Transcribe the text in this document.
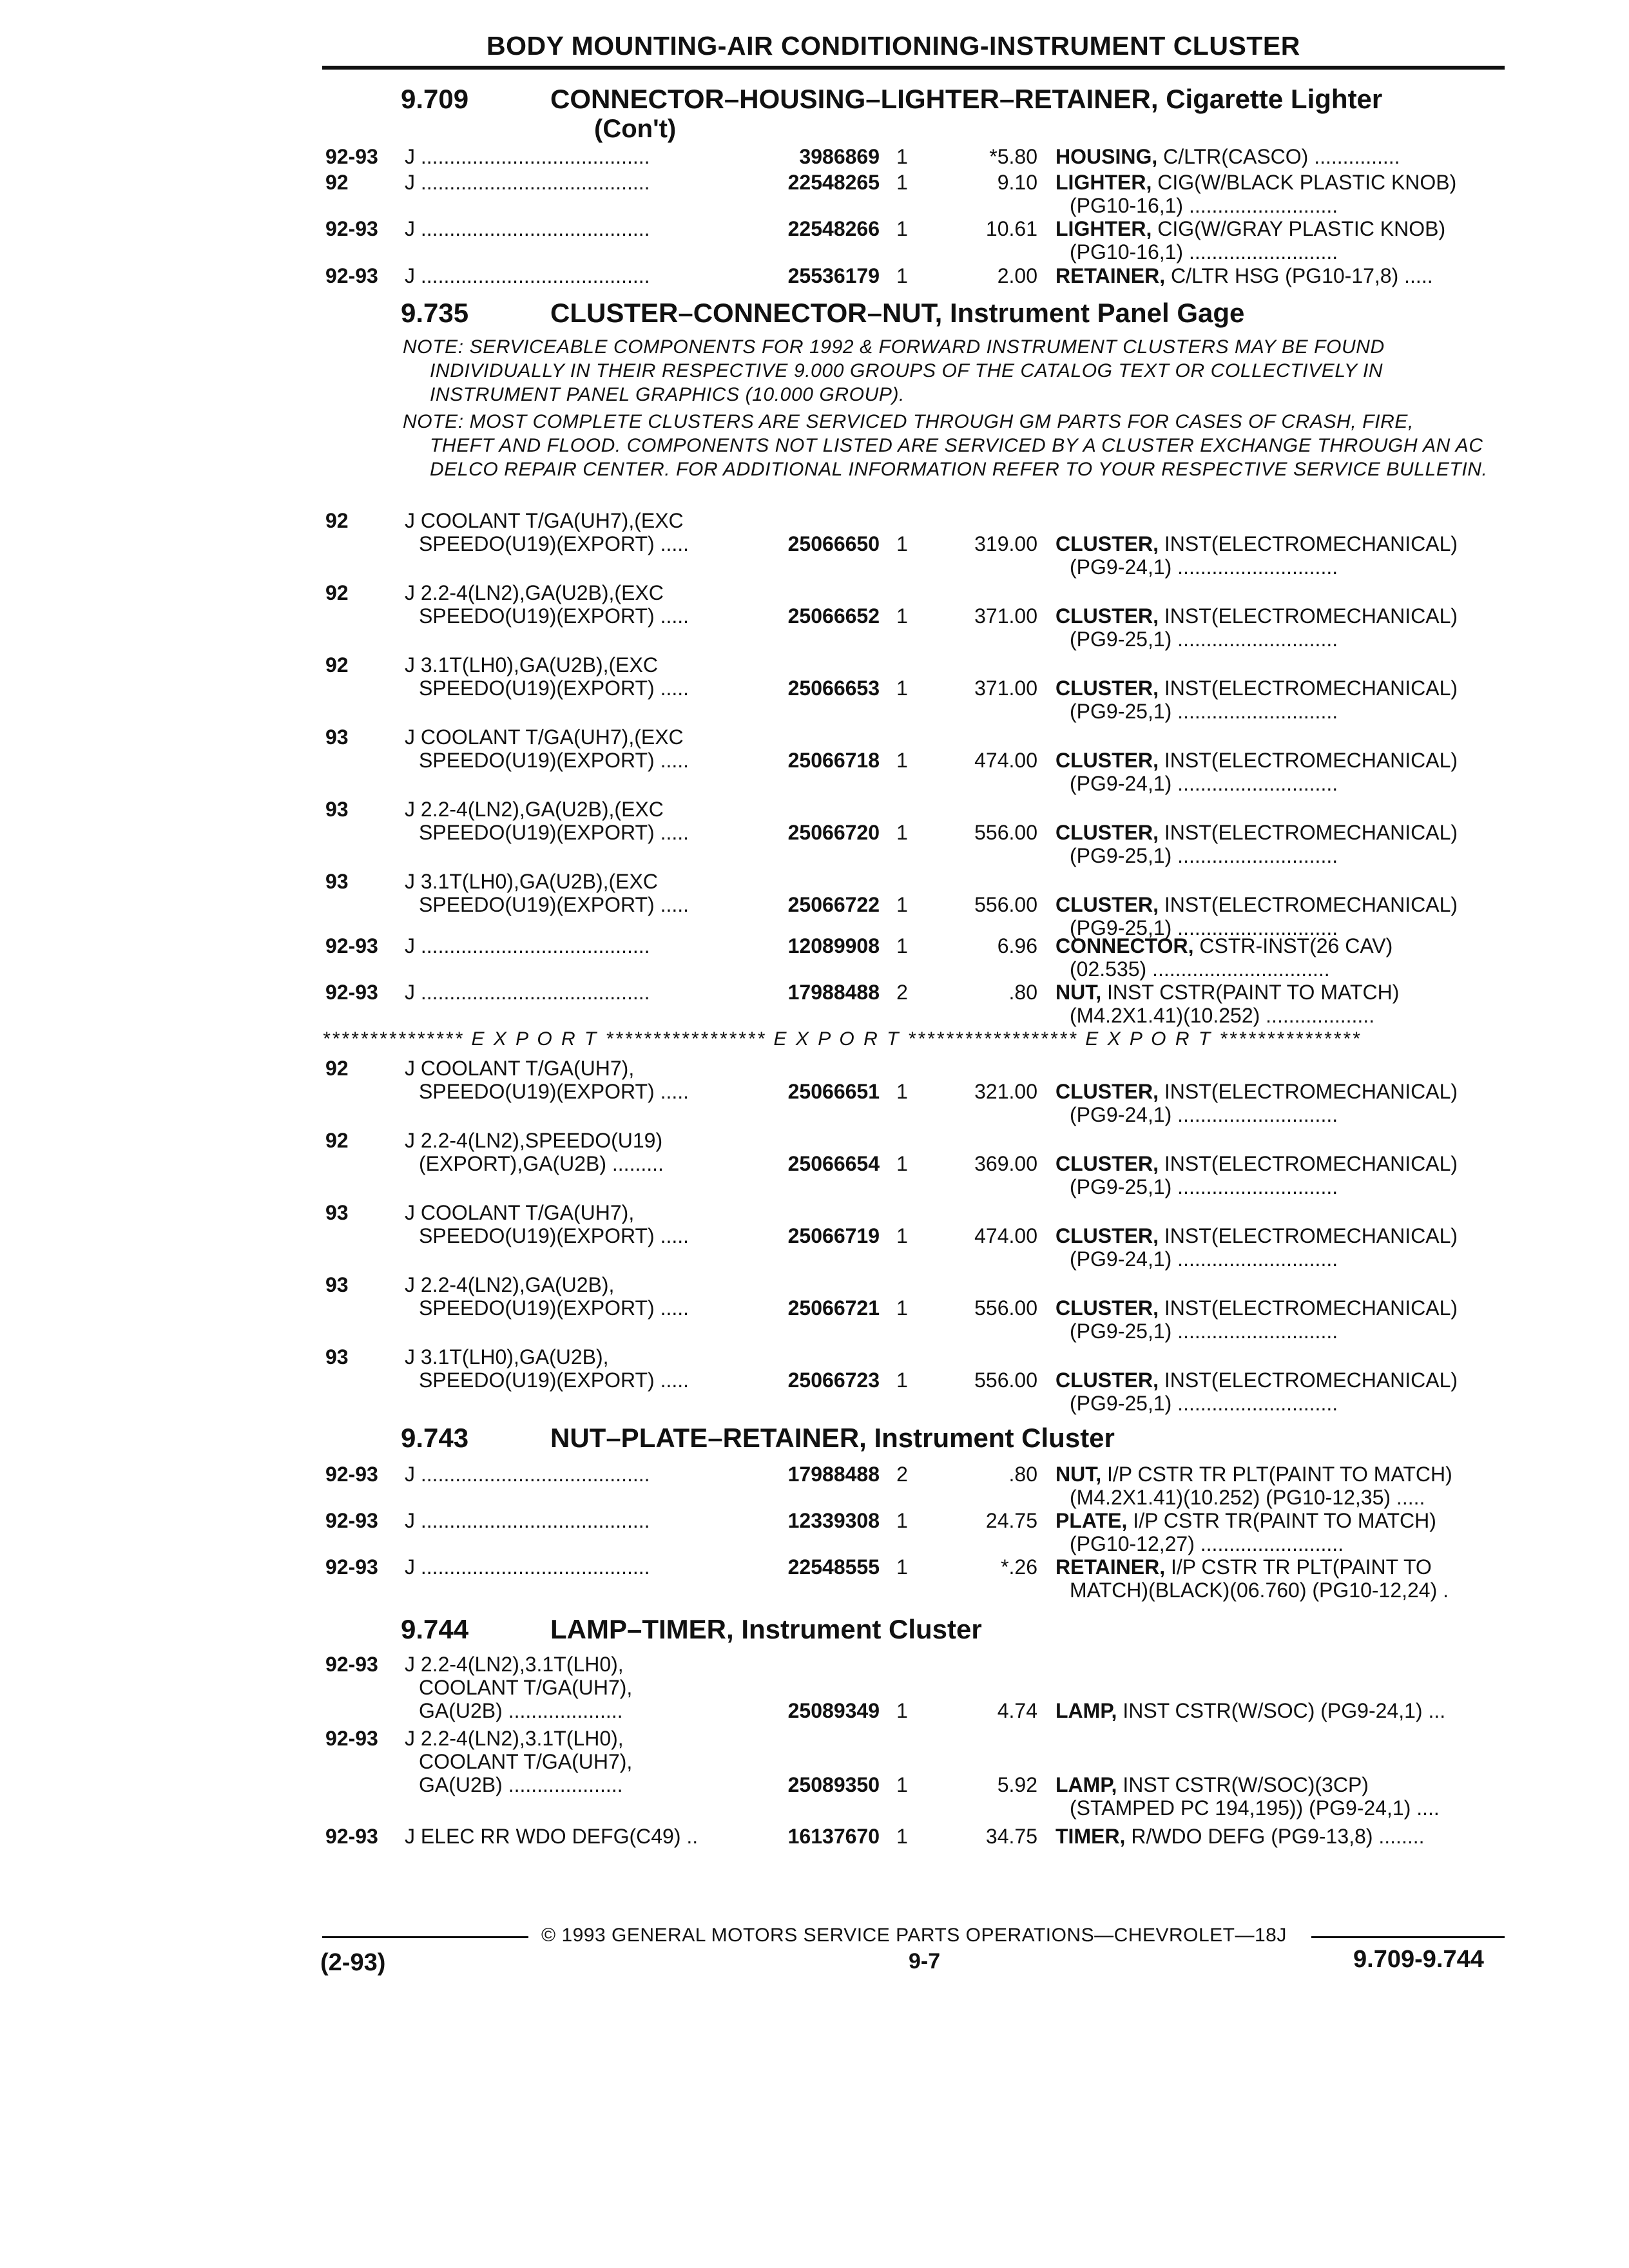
BODY MOUNTING-AIR CONDITIONING-INSTRUMENT CLUSTER
9.709	CONNECTOR–HOUSING–LIGHTER–RETAINER, Cigarette Lighter
(Con't)
92-93	J ........................................	3986869 1	*5.80 HOUSING, C/LTR(CASCO) ...............
92	J ........................................	22548265 1	9.10 LIGHTER, CIG(W/BLACK PLASTIC KNOB)
(PG10-16,1) ..........................
92-93	J ........................................	22548266 1	10.61 LIGHTER, CIG(W/GRAY PLASTIC KNOB)
(PG10-16,1) ..........................
92-93	J ........................................	25536179 1	2.00 RETAINER, C/LTR HSG (PG10-17,8) .....
9.735	CLUSTER–CONNECTOR–NUT, Instrument Panel Gage
NOTE: SERVICEABLE COMPONENTS FOR 1992 & FORWARD INSTRUMENT CLUSTERS MAY BE FOUND
INDIVIDUALLY IN THEIR RESPECTIVE 9.000 GROUPS OF THE CATALOG TEXT OR COLLECTIVELY IN INSTRUMENT PANEL GRAPHICS (10.000 GROUP).
NOTE: MOST COMPLETE CLUSTERS ARE SERVICED THROUGH GM PARTS FOR CASES OF CRASH, FIRE,
THEFT AND FLOOD. COMPONENTS NOT LISTED ARE SERVICED BY A CLUSTER EXCHANGE THROUGH AN AC DELCO REPAIR CENTER. FOR ADDITIONAL INFORMATION REFER TO YOUR RESPECTIVE SERVICE BULLETIN.
92	J COOLANT T/GA(UH7),(EXC
SPEEDO(U19)(EXPORT) .....	25066650 1	319.00 CLUSTER, INST(ELECTROMECHANICAL)
(PG9-24,1) ............................
92	J 2.2-4(LN2),GA(U2B),(EXC
SPEEDO(U19)(EXPORT) .....	25066652 1	371.00 CLUSTER, INST(ELECTROMECHANICAL)
(PG9-25,1) ............................
92	J 3.1T(LH0),GA(U2B),(EXC
SPEEDO(U19)(EXPORT) .....	25066653 1	371.00 CLUSTER, INST(ELECTROMECHANICAL)
(PG9-25,1) ............................
93	J COOLANT T/GA(UH7),(EXC
SPEEDO(U19)(EXPORT) .....	25066718 1	474.00 CLUSTER, INST(ELECTROMECHANICAL)
(PG9-24,1) ............................
93	J 2.2-4(LN2),GA(U2B),(EXC
SPEEDO(U19)(EXPORT) .....	25066720 1	556.00 CLUSTER, INST(ELECTROMECHANICAL)
(PG9-25,1) ............................
93	J 3.1T(LH0),GA(U2B),(EXC
SPEEDO(U19)(EXPORT) .....	25066722 1	556.00 CLUSTER, INST(ELECTROMECHANICAL)
(PG9-25,1) ............................
92-93	J ........................................	12089908 1	6.96 CONNECTOR, CSTR-INST(26 CAV)
(02.535) ...............................
92-93	J ........................................	17988488 2	.80 NUT, INST CSTR(PAINT TO MATCH)
(M4.2X1.41)(10.252) ...................
*************** E X P O R T ***************** E X P O R T ****************** E X P O R T ***************
92	J COOLANT T/GA(UH7),
SPEEDO(U19)(EXPORT) .....	25066651 1	321.00 CLUSTER, INST(ELECTROMECHANICAL)
(PG9-24,1) ............................
92	J 2.2-4(LN2),SPEEDO(U19)
(EXPORT),GA(U2B) .........	25066654 1	369.00 CLUSTER, INST(ELECTROMECHANICAL)
(PG9-25,1) ............................
93	J COOLANT T/GA(UH7),
SPEEDO(U19)(EXPORT) .....	25066719 1	474.00 CLUSTER, INST(ELECTROMECHANICAL)
(PG9-24,1) ............................
93	J 2.2-4(LN2),GA(U2B),
SPEEDO(U19)(EXPORT) .....	25066721 1	556.00 CLUSTER, INST(ELECTROMECHANICAL)
(PG9-25,1) ............................
93	J 3.1T(LH0),GA(U2B),
SPEEDO(U19)(EXPORT) .....	25066723 1	556.00 CLUSTER, INST(ELECTROMECHANICAL)
(PG9-25,1) ............................
9.743	NUT–PLATE–RETAINER, Instrument Cluster
92-93	J ........................................	17988488 2	.80 NUT, I/P CSTR TR PLT(PAINT TO MATCH)
(M4.2X1.41)(10.252) (PG10-12,35) .....
92-93	J ........................................	12339308 1	24.75 PLATE, I/P CSTR TR(PAINT TO MATCH)
(PG10-12,27) .........................
92-93	J ........................................	22548555 1	*.26 RETAINER, I/P CSTR TR PLT(PAINT TO
MATCH)(BLACK)(06.760) (PG10-12,24) .
9.744	LAMP–TIMER, Instrument Cluster
92-93	J 2.2-4(LN2),3.1T(LH0),
COOLANT T/GA(UH7),
GA(U2B) ....................	25089349 1	4.74 LAMP, INST CSTR(W/SOC) (PG9-24,1) ...
92-93	J 2.2-4(LN2),3.1T(LH0),
COOLANT T/GA(UH7),
GA(U2B) ....................	25089350 1	5.92 LAMP, INST CSTR(W/SOC)(3CP)
(STAMPED PC 194,195)) (PG9-24,1) ....
92-93	J ELEC RR WDO DEFG(C49) ..	16137670 1	34.75 TIMER, R/WDO DEFG (PG9-13,8) ........
© 1993 GENERAL MOTORS SERVICE PARTS OPERATIONS—CHEVROLET—18J
(2-93)	9-7	9.709-9.744
